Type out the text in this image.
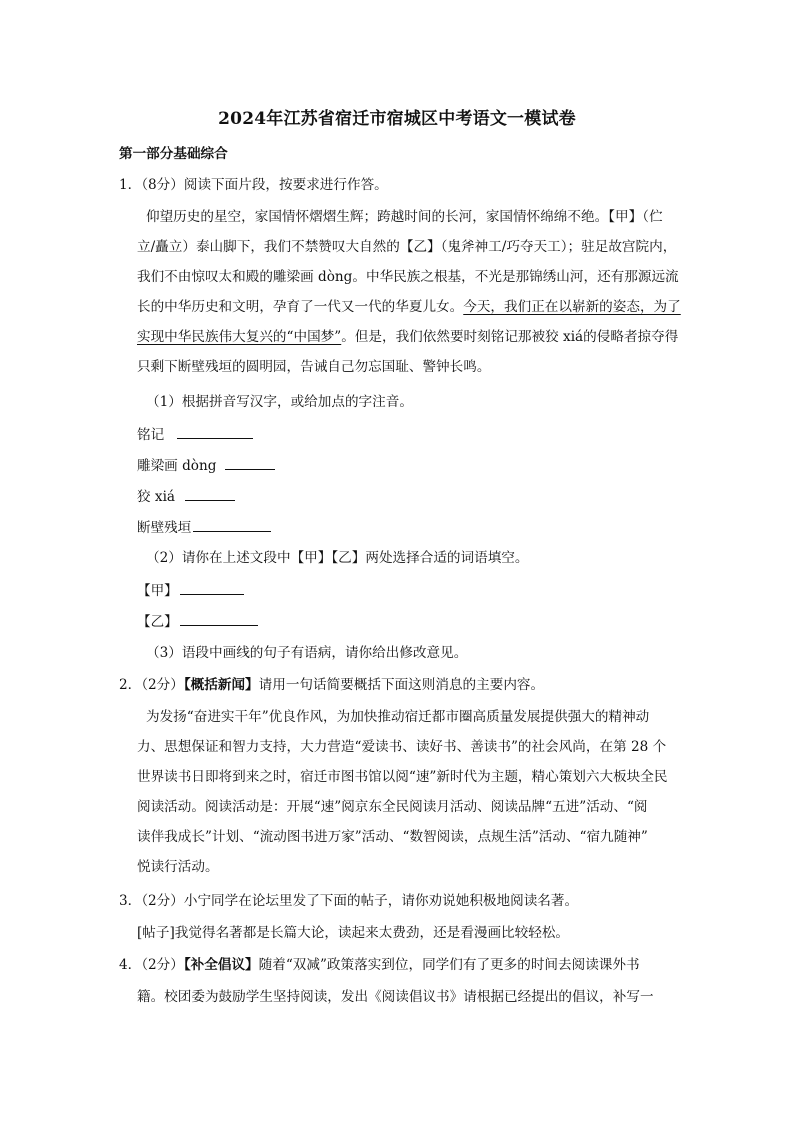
2024年江苏省宿迁市宿城区中考语文一模试卷
第一部分基础综合
1．（8分）阅读下面片段，按要求进行作答。
仰望历史的星空，家国情怀熠熠生辉；跨越时间的长河，家国情怀绵绵不绝。【甲】（伫
立/矗立）泰山脚下，我们不禁赞叹大自然的【乙】（鬼斧神工/巧夺天工）；驻足故宫院内，
我们不由惊叹太和殿的雕梁画 dòng。中华民族之根基，不光是那锦绣山河，还有那源远流
长的中华历史和文明，孕育了一代又一代的华夏儿女。今天，我们正在以崭新的姿态，为了
实现中华民族伟大复兴的“中国梦”。但是，我们依然要时刻铭记那被狡 xiá的侵略者掠夺得
只剩下断壁残垣的圆明园，告诫自己勿忘国耻、警钟长鸣。
（1）根据拼音写汉字，或给加点的字注音。
铭记
雕梁画 dòng
狡 xiá
断壁残垣
（2）请你在上述文段中【甲】【乙】两处选择合适的词语填空。
【甲】
【乙】
（3）语段中画线的句子有语病，请你给出修改意见。
2．（2分）【概括新闻】请用一句话简要概括下面这则消息的主要内容。
为发扬“奋进实干年”优良作风，为加快推动宿迁都市圈高质量发展提供强大的精神动
力、思想保证和智力支持，大力营造“爱读书、读好书、善读书”的社会风尚，在第 28 个
世界读书日即将到来之时，宿迁市图书馆以阅“速”新时代为主题，精心策划六大板块全民
阅读活动。阅读活动是：开展“速”阅京东全民阅读月活动、阅读品牌“五进”活动、“阅
读伴我成长”计划、“流动图书进万家”活动、“数智阅读，点规生活”活动、“宿九随神”
悦读行活动。
3．（2分）小宁同学在论坛里发了下面的帖子，请你劝说她积极地阅读名著。
[帖子]我觉得名著都是长篇大论，读起来太费劲，还是看漫画比较轻松。
4．（2分）【补全倡议】随着“双减”政策落实到位，同学们有了更多的时间去阅读课外书
籍。校团委为鼓励学生坚持阅读，发出《阅读倡议书》请根据已经提出的倡议，补写一
